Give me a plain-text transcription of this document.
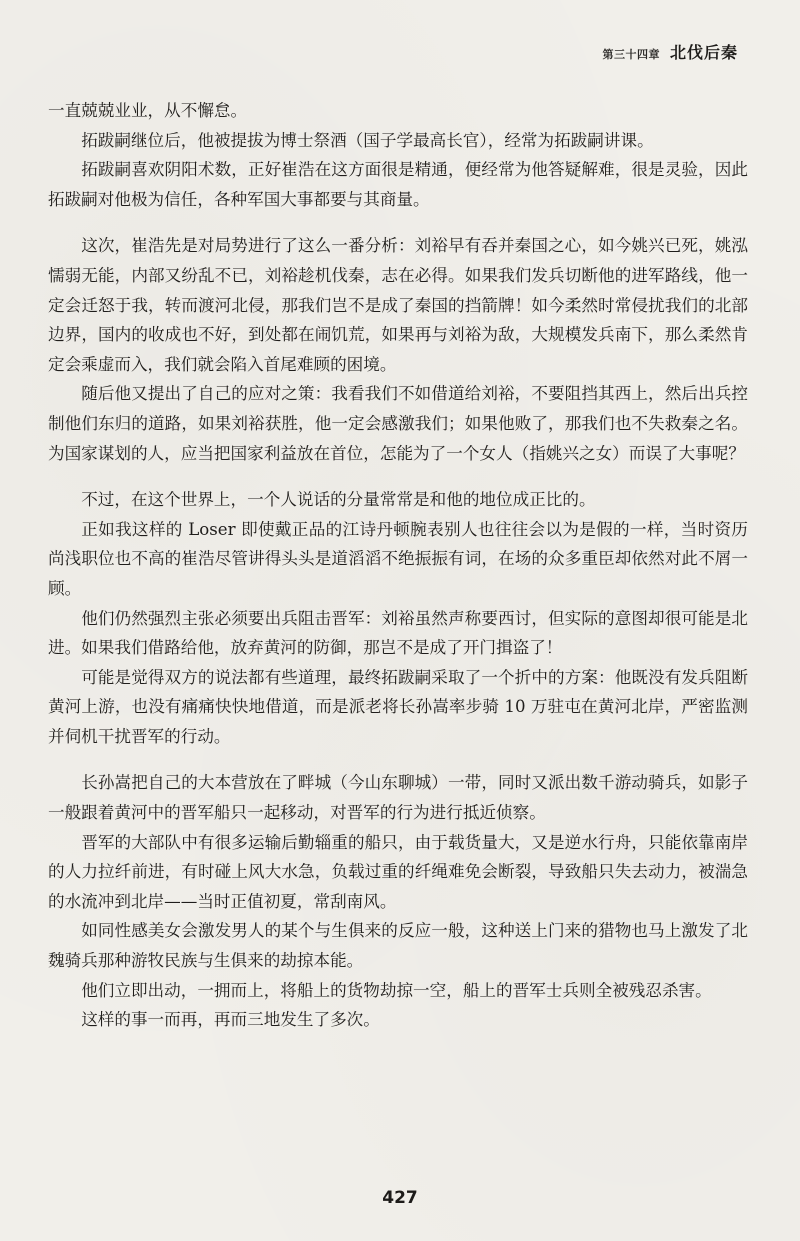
第三十四章 北伐后秦

一直兢兢业业，从不懈怠。

拓跋嗣继位后，他被提拔为博士祭酒（国子学最高长官），经常为拓跋嗣讲课。

拓跋嗣喜欢阴阳术数，正好崔浩在这方面很是精通，便经常为他答疑解难，很是灵验，因此拓跋嗣对他极为信任，各种军国大事都要与其商量。

这次，崔浩先是对局势进行了这么一番分析：刘裕早有吞并秦国之心，如今姚兴已死，姚泓懦弱无能，内部又纷乱不已，刘裕趁机伐秦，志在必得。如果我们发兵切断他的进军路线，他一定会迁怒于我，转而渡河北侵，那我们岂不是成了秦国的挡箭牌！如今柔然时常侵扰我们的北部边界，国内的收成也不好，到处都在闹饥荒，如果再与刘裕为敌，大规模发兵南下，那么柔然肯定会乘虚而入，我们就会陷入首尾难顾的困境。

随后他又提出了自己的应对之策：我看我们不如借道给刘裕，不要阻挡其西上，然后出兵控制他们东归的道路，如果刘裕获胜，他一定会感激我们；如果他败了，那我们也不失救秦之名。为国家谋划的人，应当把国家利益放在首位，怎能为了一个女人（指姚兴之女）而误了大事呢？

不过，在这个世界上，一个人说话的分量常常是和他的地位成正比的。

正如我这样的 Loser 即使戴正品的江诗丹顿腕表别人也往往会以为是假的一样，当时资历尚浅职位也不高的崔浩尽管讲得头头是道滔滔不绝振振有词，在场的众多重臣却依然对此不屑一顾。

他们仍然强烈主张必须要出兵阻击晋军：刘裕虽然声称要西讨，但实际的意图却很可能是北进。如果我们借路给他，放弃黄河的防御，那岂不是成了开门揖盗了！

可能是觉得双方的说法都有些道理，最终拓跋嗣采取了一个折中的方案：他既没有发兵阻断黄河上游，也没有痛痛快快地借道，而是派老将长孙嵩率步骑 10 万驻屯在黄河北岸，严密监测并伺机干扰晋军的行动。

长孙嵩把自己的大本营放在了畔城（今山东聊城）一带，同时又派出数千游动骑兵，如影子一般跟着黄河中的晋军船只一起移动，对晋军的行为进行抵近侦察。

晋军的大部队中有很多运输后勤辎重的船只，由于载货量大，又是逆水行舟，只能依靠南岸的人力拉纤前进，有时碰上风大水急，负载过重的纤绳难免会断裂，导致船只失去动力，被湍急的水流冲到北岸——当时正值初夏，常刮南风。

如同性感美女会激发男人的某个与生俱来的反应一般，这种送上门来的猎物也马上激发了北魏骑兵那种游牧民族与生俱来的劫掠本能。

他们立即出动，一拥而上，将船上的货物劫掠一空，船上的晋军士兵则全被残忍杀害。

这样的事一而再，再而三地发生了多次。

427
